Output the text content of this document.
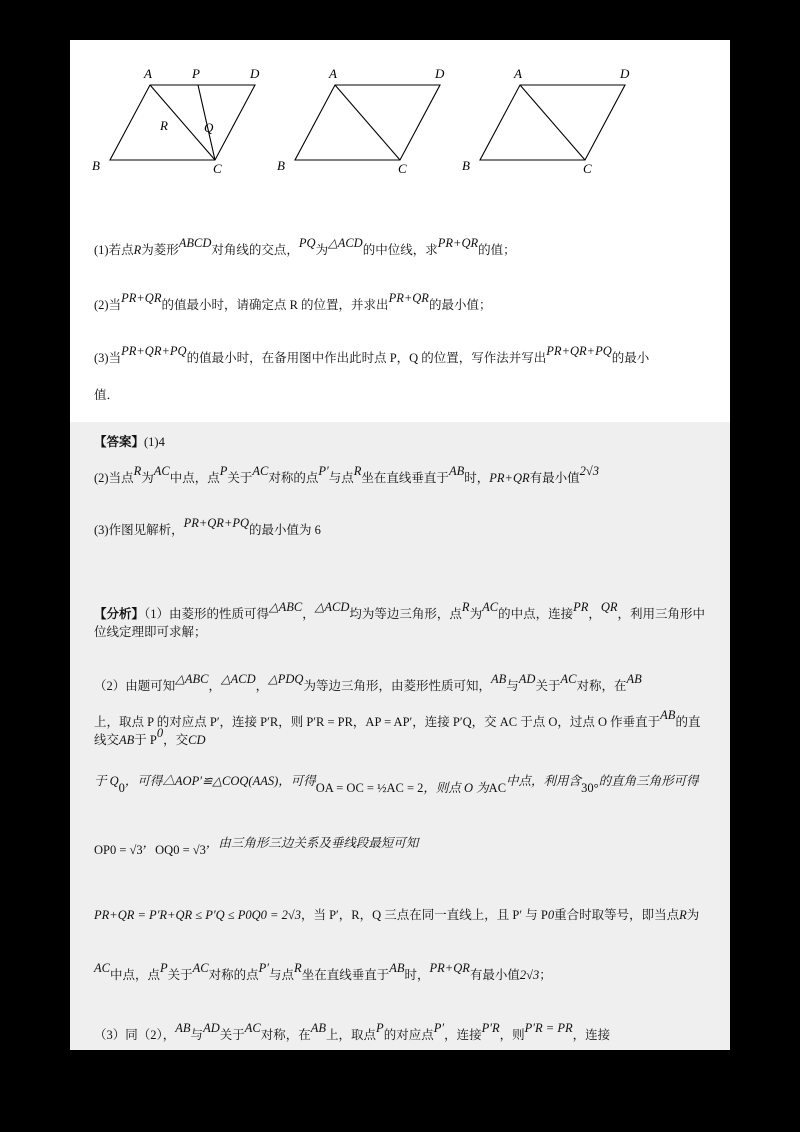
A	P	D
B	C
R	Q
A	D
B	C
A	D
B	C
(1)若点R为菱形ABCD对角线的交点，PQ为△ACD的中位线，求PR+QR的值；
(2)当PR+QR的值最小时，请确定点 R 的位置，并求出PR+QR的最小值；
(3)当PR+QR+PQ的值最小时，在备用图中作出此时点 P，Q 的位置，写作法并写出PR+QR+PQ的最小
值．
【答案】(1)4
(2)当点R为AC中点，点P关于AC对称的点P′与点R坐在直线垂直于AB时，PR+QR有最小值2√3
(3)作图见解析，PR+QR+PQ的最小值为 6
【分析】（1）由菱形的性质可得△ABC，△ACD均为等边三角形，点R为AC的中点，连接PR，QR，利用三角形中位线定理即可求解；
（2）由题可知△ABC，△ACD，△PDQ为等边三角形，由菱形性质可知，AB与AD关于AC对称，在AB
上，取点 P 的对应点 P′，连接 P′R，则 P′R = PR，AP = AP′，连接 P′Q，交 AC 于点 O，过点 O 作垂直于AB的直线交AB于 P0，交CD
于 Q0，可得△AOP′≌△COQ(AAS)，可得OA = OC = ½AC = 2，则点 O 为AC中点，利用含30°的直角三角形可得
OP0 = √3，OQ0 = √3，由三角形三边关系及垂线段最短可知
PR+QR = P′R+QR ≤ P′Q ≤ P0Q0 = 2√3，当 P′，R，Q 三点在同一直线上，且 P′ 与 P0重合时取等号，即当点R为
AC中点，点P关于AC对称的点P′与点R坐在直线垂直于AB时，PR+QR有最小值2√3；
（3）同（2），AB与AD关于AC对称，在AB上，取点P的对应点P′，连接P′R，则P′R = PR，连接
